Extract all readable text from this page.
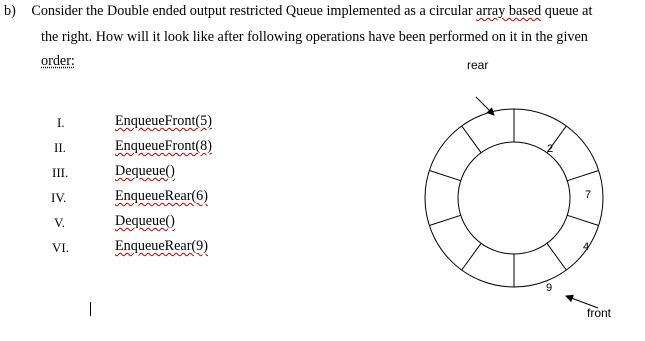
b) Consider the Double ended output restricted Queue implemented as a circular array based queue at
the right. How will it look like after following operations have been performed on it in the given
order:
I.	EnqueueFront(5)
II.	EnqueueFront(8)
III.	Dequeue()
IV.	EnqueueRear(6)
V.	Dequeue()
VI.	EnqueueRear(9)
rear
front
2
7
4
9
